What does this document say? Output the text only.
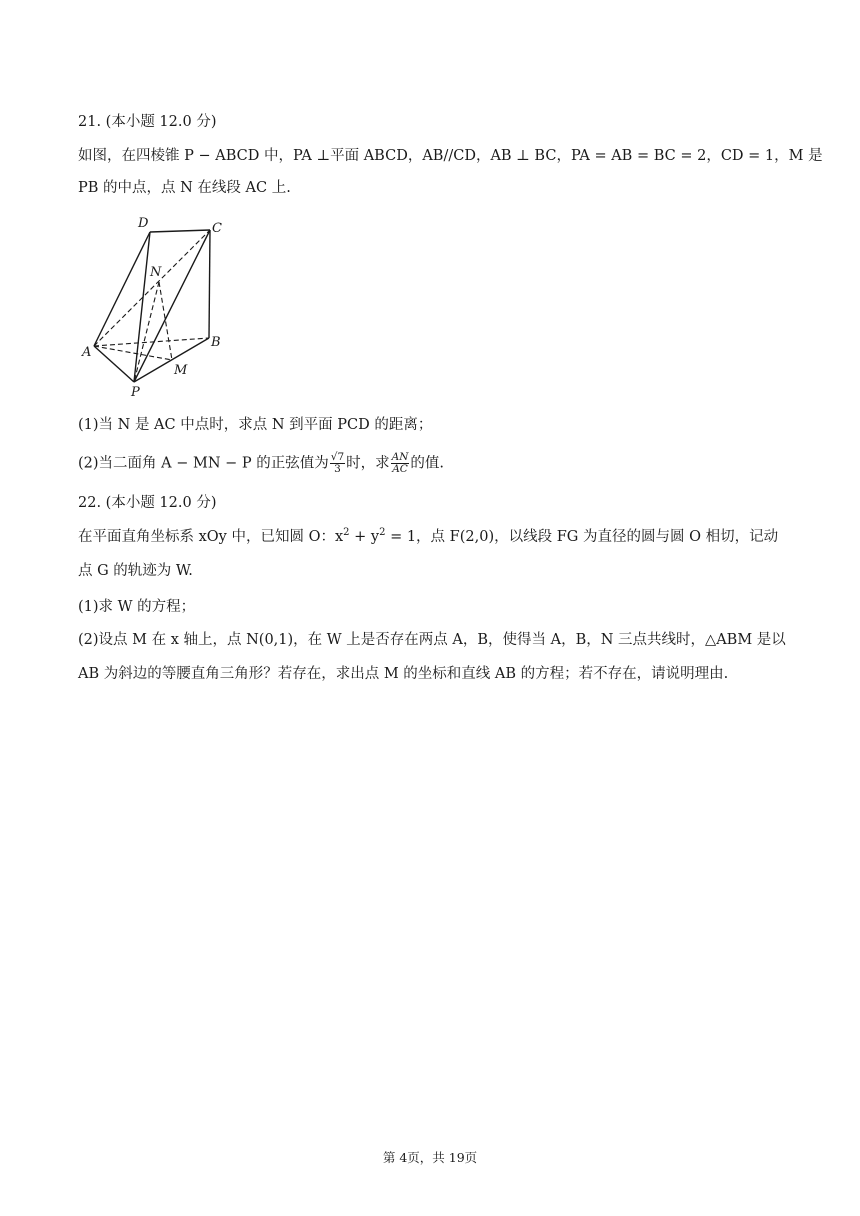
21. (本小题 12.0 分)
如图，在四棱锥 P − ABCD 中，PA ⊥平面 ABCD，AB//CD，AB ⊥ BC，PA = AB = BC = 2，CD = 1，M 是
PB 的中点，点 N 在线段 AC 上.
D	C
N
A
B
M
P
(1)当 N 是 AC 中点时，求点 N 到平面 PCD 的距离；
(2)当二面角 A − MN − P 的正弦值为 $\frac{√7}{3}$ 时，求 $\frac{AN}{AC}$ 的值.
22. (本小题 12.0 分)
在平面直角坐标系 xOy 中，已知圆 O：$x^2 + y^2 = 1$，点 F(2,0)，以线段 FG 为直径的圆与圆 O 相切，记动
点 G 的轨迹为 W.
(1)求 W 的方程；
(2)设点 M 在 x 轴上，点 N(0,1)，在 W 上是否存在两点 A，B，使得当 A，B，N 三点共线时，△ABM 是以
AB 为斜边的等腰直角三角形？若存在，求出点 M 的坐标和直线 AB 的方程；若不存在，请说明理由.
第 4页，共 19页
